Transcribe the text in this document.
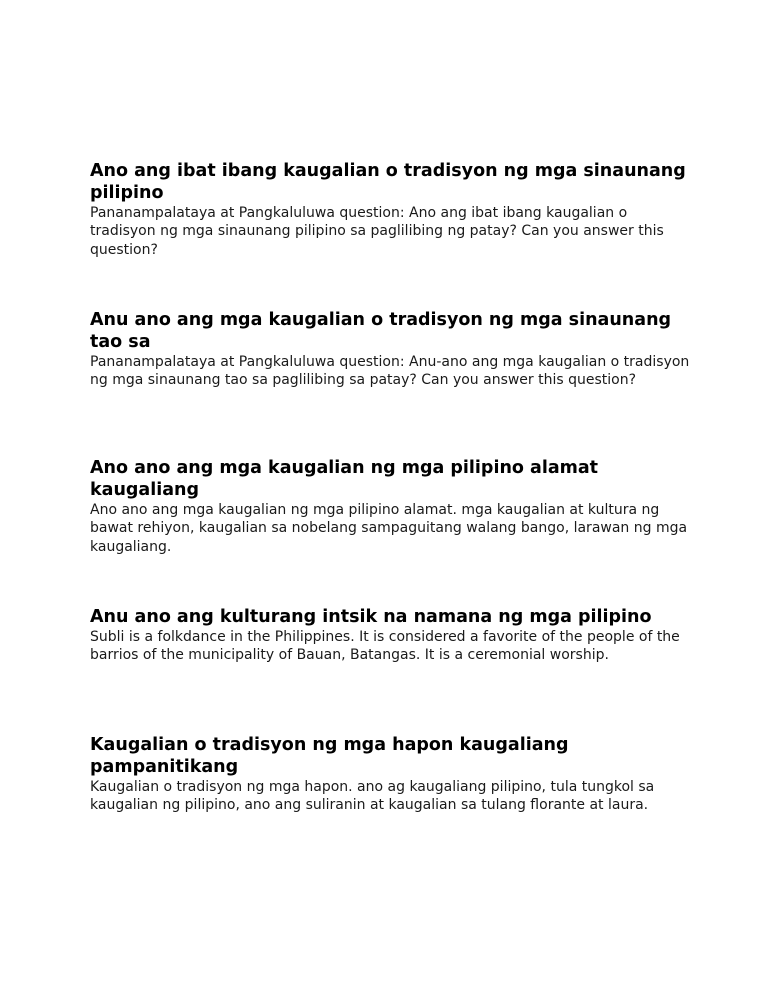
Ano ang ibat ibang kaugalian o tradisyon ng mga sinaunang pilipino

Pananampalataya at Pangkaluluwa question: Ano ang ibat ibang kaugalian o tradisyon ng mga sinaunang pilipino sa paglilibing ng patay? Can you answer this question?

Anu ano ang mga kaugalian o tradisyon ng mga sinaunang tao sa

Pananampalataya at Pangkaluluwa question: Anu-ano ang mga kaugalian o tradisyon ng mga sinaunang tao sa paglilibing sa patay? Can you answer this question?

Ano ano ang mga kaugalian ng mga pilipino alamat kaugaliang

Ano ano ang mga kaugalian ng mga pilipino alamat. mga kaugalian at kultura ng bawat rehiyon, kaugalian sa nobelang sampaguitang walang bango, larawan ng mga kaugaliang.

Anu ano ang kulturang intsik na namana ng mga pilipino

Subli is a folkdance in the Philippines. It is considered a favorite of the people of the barrios of the municipality of Bauan, Batangas. It is a ceremonial worship.

Kaugalian o tradisyon ng mga hapon kaugaliang pampanitikang

Kaugalian o tradisyon ng mga hapon. ano ag kaugaliang pilipino, tula tungkol sa kaugalian ng pilipino, ano ang suliranin at kaugalian sa tulang florante at laura.
